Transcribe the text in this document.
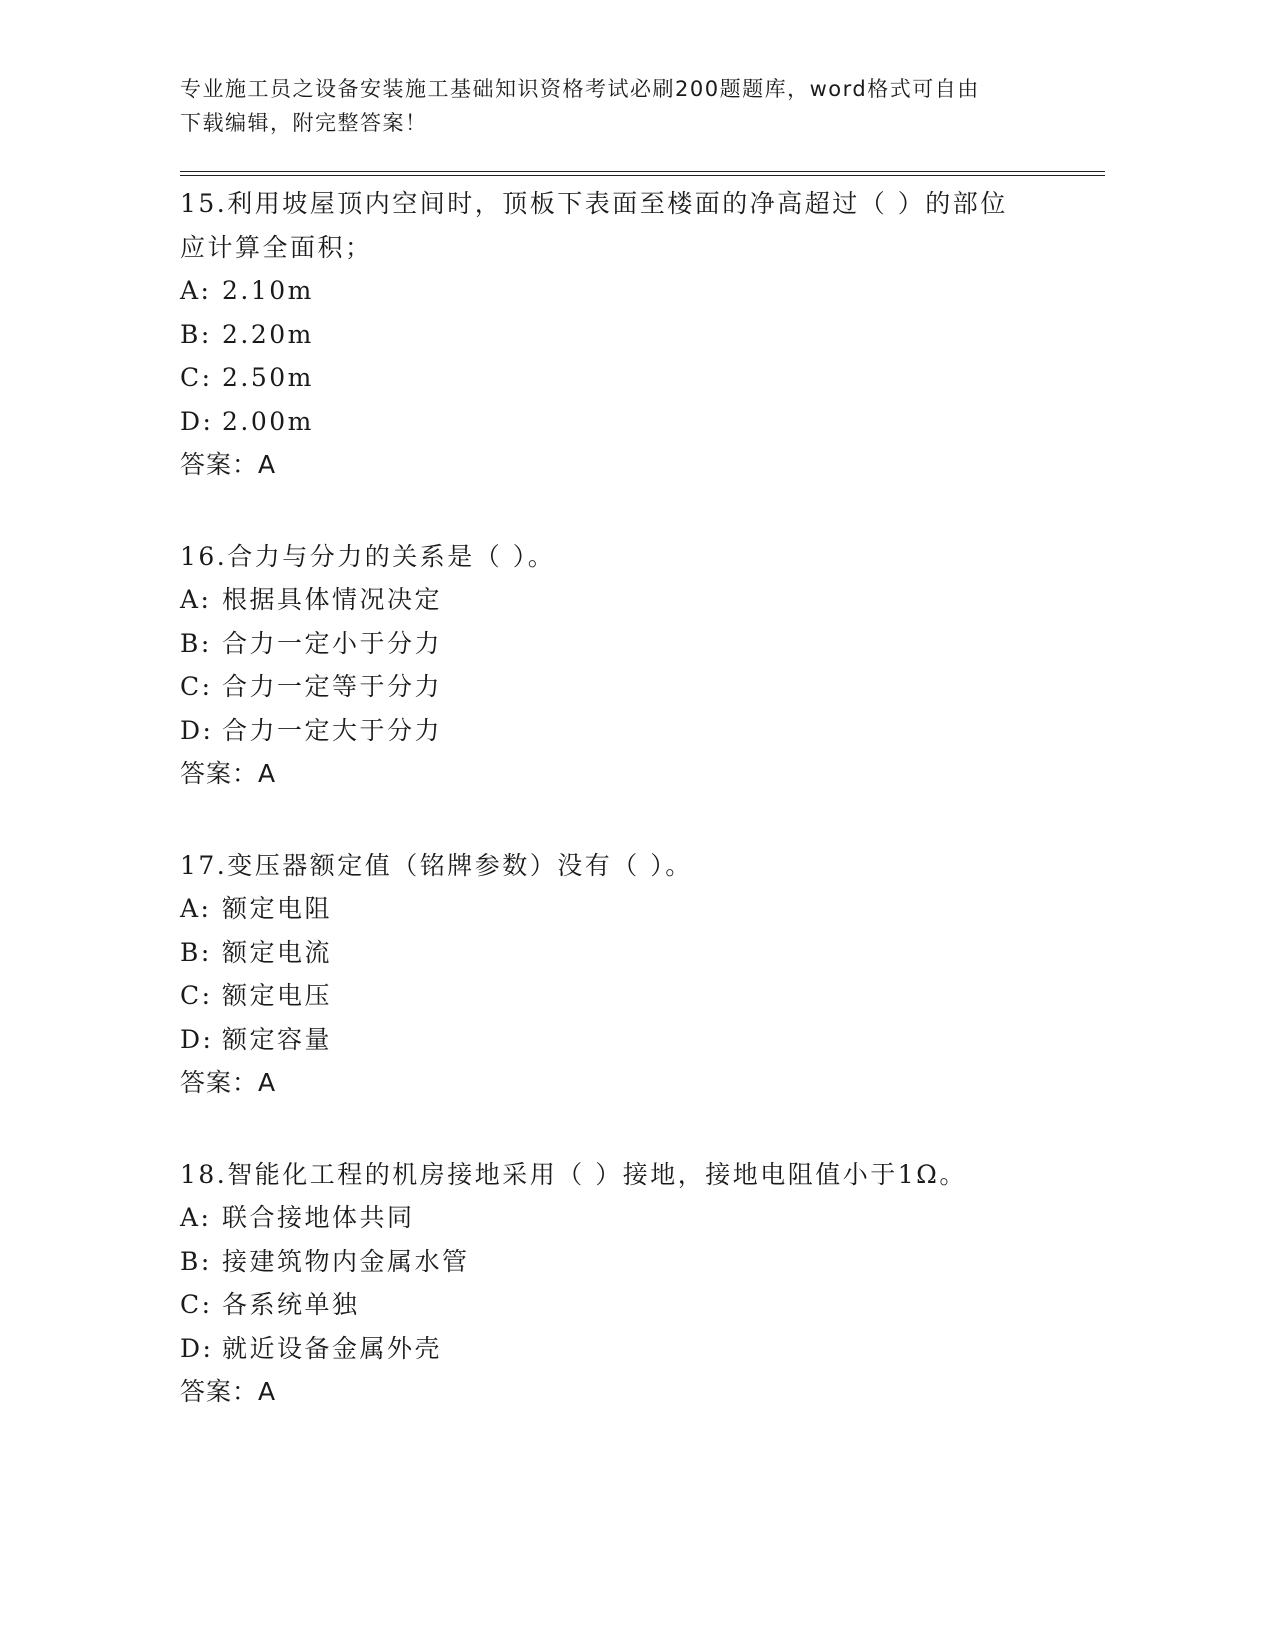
专业施工员之设备安装施工基础知识资格考试必刷200题题库，word格式可自由
下载编辑，附完整答案！
15.利用坡屋顶内空间时，顶板下表面至楼面的净高超过（ ）的部位
应计算全面积；
A: 2.10m
B: 2.20m
C: 2.50m
D: 2.00m
答案：A
16.合力与分力的关系是（ ）。
A: 根据具体情况决定
B: 合力一定小于分力
C: 合力一定等于分力
D: 合力一定大于分力
答案：A
17.变压器额定值（铭牌参数）没有（ ）。
A: 额定电阻
B: 额定电流
C: 额定电压
D: 额定容量
答案：A
18.智能化工程的机房接地采用（ ）接地，接地电阻值小于1Ω。
A: 联合接地体共同
B: 接建筑物内金属水管
C: 各系统单独
D: 就近设备金属外壳
答案：A
